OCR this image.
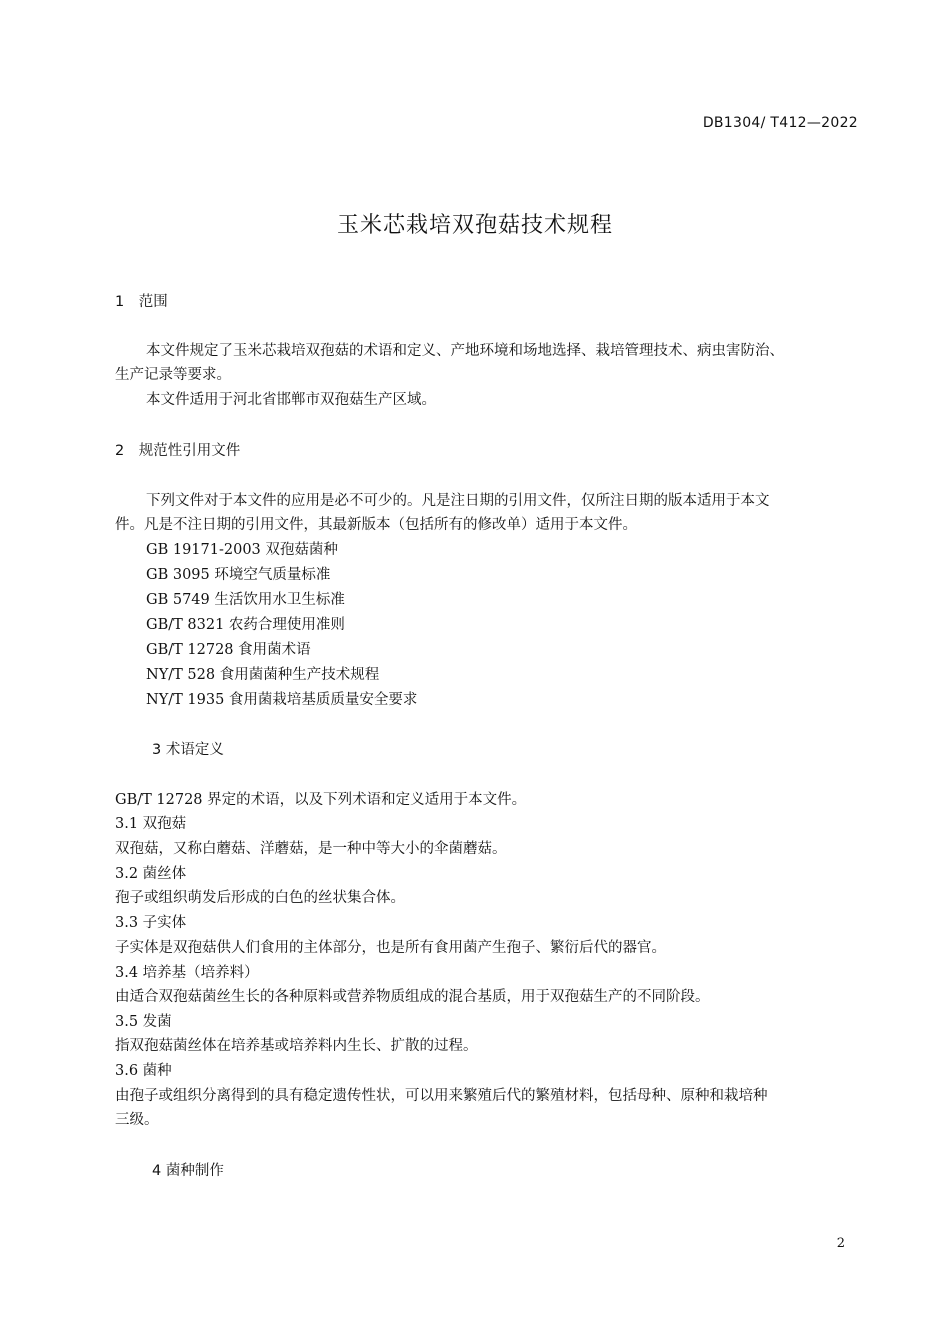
DB1304/ T412—2022
玉米芯栽培双孢菇技术规程
1　范围
本文件规定了玉米芯栽培双孢菇的术语和定义、产地环境和场地选择、栽培管理技术、病虫害防治、
生产记录等要求。
本文件适用于河北省邯郸市双孢菇生产区域。
2　规范性引用文件
下列文件对于本文件的应用是必不可少的。凡是注日期的引用文件，仅所注日期的版本适用于本文
件。凡是不注日期的引用文件，其最新版本（包括所有的修改单）适用于本文件。
GB 19171-2003 双孢菇菌种
GB 3095 环境空气质量标准
GB 5749 生活饮用水卫生标准
GB/T 8321 农药合理使用准则
GB/T 12728 食用菌术语
NY/T 528 食用菌菌种生产技术规程
NY/T 1935 食用菌栽培基质质量安全要求
3 术语定义
GB/T 12728 界定的术语，以及下列术语和定义适用于本文件。
3.1 双孢菇
双孢菇，又称白蘑菇、洋蘑菇，是一种中等大小的伞菌蘑菇。
3.2 菌丝体
孢子或组织萌发后形成的白色的丝状集合体。
3.3 子实体
子实体是双孢菇供人们食用的主体部分，也是所有食用菌产生孢子、繁衍后代的器官。
3.4 培养基（培养料）
由适合双孢菇菌丝生长的各种原料或营养物质组成的混合基质，用于双孢菇生产的不同阶段。
3.5 发菌
指双孢菇菌丝体在培养基或培养料内生长、扩散的过程。
3.6 菌种
由孢子或组织分离得到的具有稳定遗传性状，可以用来繁殖后代的繁殖材料，包括母种、原种和栽培种
三级。
4 菌种制作
2
